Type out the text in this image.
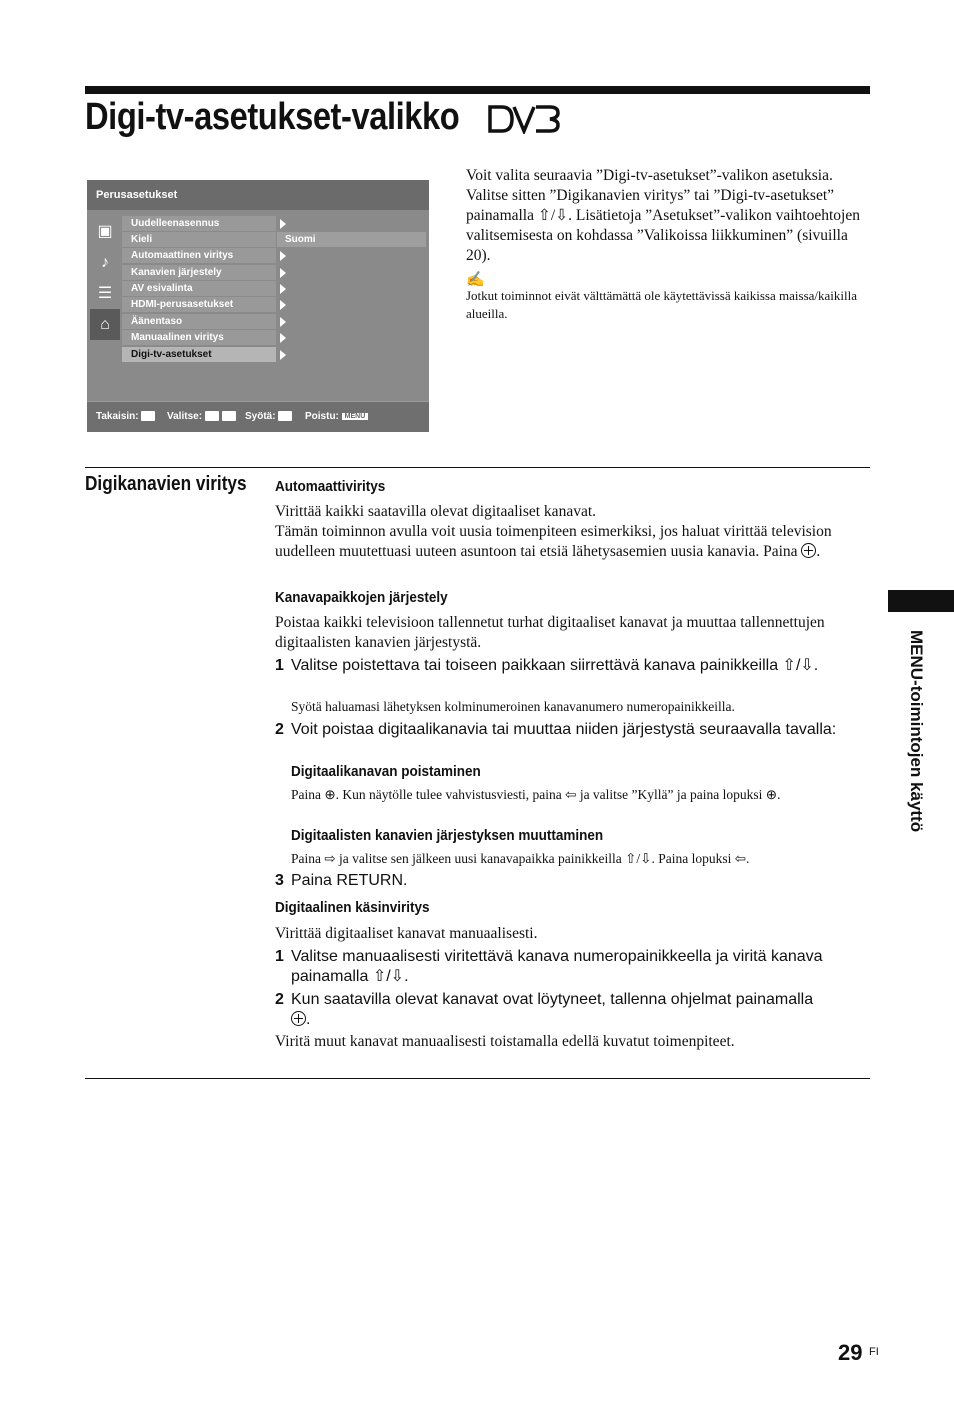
Digi-tv-asetukset-valikko
Perusasetukset
▣
♪
☰
⌂
Uudelleenasennus
Kieli	Suomi
Automaattinen viritys
Kanavien järjestely
AV esivalinta
HDMI-perusasetukset
Äänentaso
Manuaalinen viritys
Digi-tv-asetukset
Takaisin:	Valitse:	Syötä:	Poistu: MENU
Voit valita seuraavia ”Digi-tv-asetukset”-valikon asetuksia. Valitse sitten ”Digikanavien viritys” tai ”Digi-tv-asetukset” painamalla ⇧/⇩. Lisätietoja ”Asetukset”-valikon vaihtoehtojen valitsemisesta on kohdassa ”Valikoissa liikkuminen” (sivuilla 20).
✍
Jotkut toiminnot eivät välttämättä ole käytettävissä kaikissa maissa/kaikilla alueilla.
Digikanavien viritys Automaattiviritys
Virittää kaikki saatavilla olevat digitaaliset kanavat.
Tämän toiminnon avulla voit uusia toimenpiteen esimerkiksi, jos haluat virittää television uudelleen muutettuasi uuteen asuntoon tai etsiä lähetysasemien uusia kanavia. Paina .
Kanavapaikkojen järjestely
Poistaa kaikki televisioon tallennetut turhat digitaaliset kanavat ja muuttaa tallennettujen digitaalisten kanavien järjestystä.
1 Valitse poistettava tai toiseen paikkaan siirrettävä kanava painikkeilla ⇧/⇩.
Syötä haluamasi lähetyksen kolminumeroinen kanavanumero numeropainikkeilla.
2 Voit poistaa digitaalikanavia tai muuttaa niiden järjestystä seuraavalla tavalla:
Digitaalikanavan poistaminen
Paina ⊕. Kun näytölle tulee vahvistusviesti, paina ⇦ ja valitse ”Kyllä” ja paina lopuksi ⊕.
Digitaalisten kanavien järjestyksen muuttaminen
Paina ⇨ ja valitse sen jälkeen uusi kanavapaikka painikkeilla ⇧/⇩. Paina lopuksi ⇦.
3 Paina RETURN.
Digitaalinen käsinviritys
Virittää digitaaliset kanavat manuaalisesti.
1 Valitse manuaalisesti viritettävä kanava numeropainikkeella ja viritä kanava painamalla ⇧/⇩.
2 Kun saatavilla olevat kanavat ovat löytyneet, tallenna ohjelmat painamalla
.
Viritä muut kanavat manuaalisesti toistamalla edellä kuvatut toimenpiteet.
MENU-toimintojen käyttö
29 FI
